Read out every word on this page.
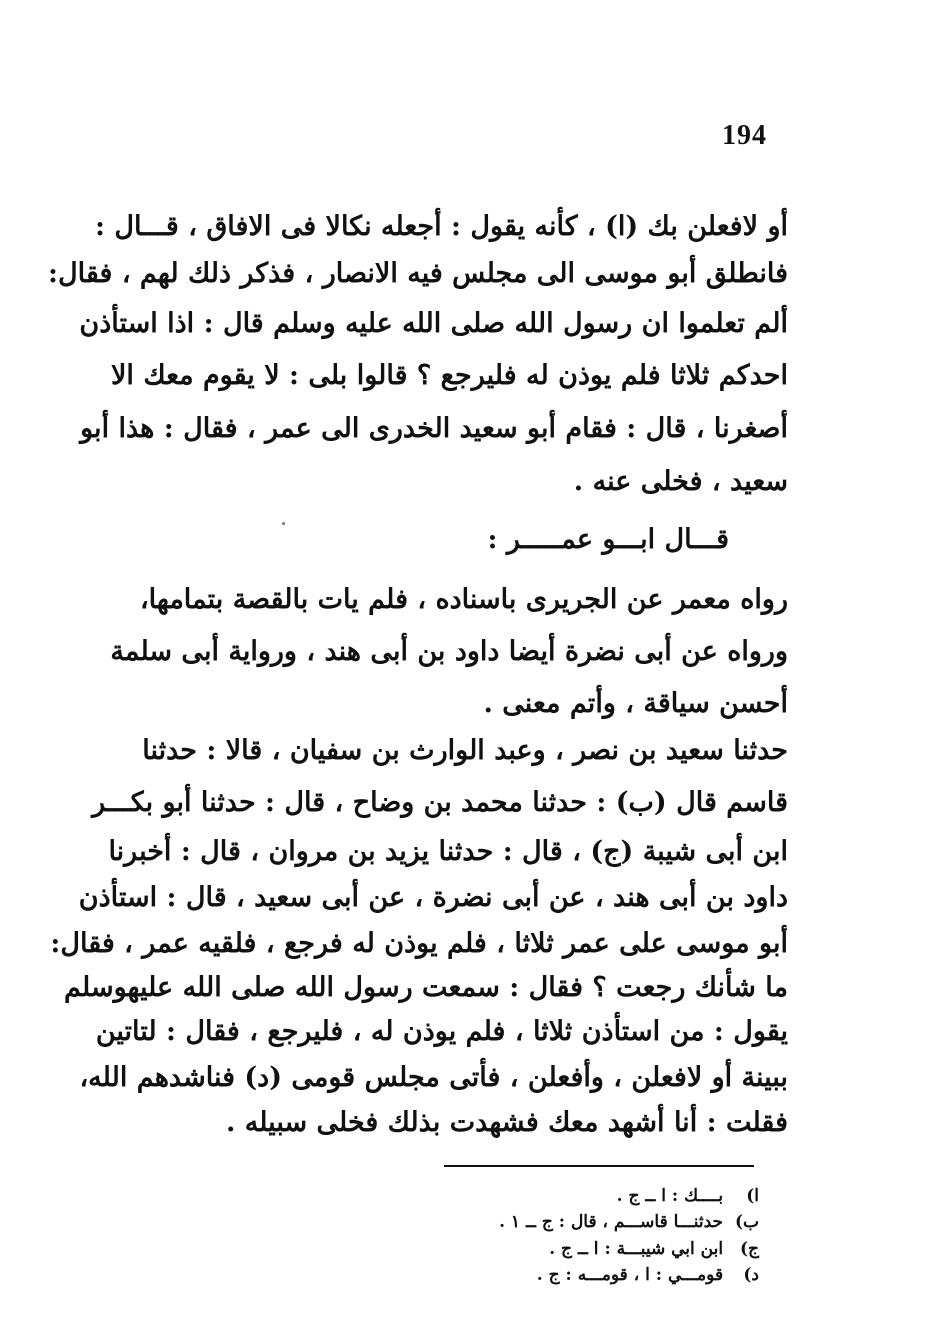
194
أو لافعلن بك (ا) ، كأنه يقول : أجعله نكالا فى الافاق ، قـــال :
فانطلق أبو موسى الى مجلس فيه الانصار ، فذكر ذلك لهم ، فقال:
ألم تعلموا ان رسول الله صلى الله عليه وسلم قال : اذا استأذن
احدكم ثلاثا فلم يوذن له فليرجع ؟ قالوا بلى : لا يقوم معك الا
أصغرنا ، قال : فقام أبو سعيد الخدرى الى عمر ، فقال : هذا أبو
سعيد ، فخلى عنه .
قـــال ابـــو عمـــــر :
رواه معمر عن الجريرى باسناده ، فلم يات بالقصة بتمامها،
ورواه عن أبى نضرة أيضا داود بن أبى هند ، ورواية أبى سلمة
أحسن سياقة ، وأتم معنى .
حدثنا سعيد بن نصر ، وعبد الوارث بن سفيان ، قالا : حدثنا
قاسم قال (ب) : حدثنا محمد بن وضاح ، قال : حدثنا أبو بكـــر
ابن أبى شيبة (ج) ، قال : حدثنا يزيد بن مروان ، قال : أخبرنا
داود بن أبى هند ، عن أبى نضرة ، عن أبى سعيد ، قال : استأذن
أبو موسى على عمر ثلاثا ، فلم يوذن له فرجع ، فلقيه عمر ، فقال:
ما شأنك رجعت ؟ فقال : سمعت رسول الله صلى الله عليهوسلم
يقول : من استأذن ثلاثا ، فلم يوذن له ، فليرجع ، فقال : لتاتين
ببينة أو لافعلن ، وأفعلن ، فأتى مجلس قومى (د) فناشدهم الله،
فقلت : أنا أشهد معك فشهدت بذلك فخلى سبيله .
ا) بــــك : ا ــ ج .
ب) حدثنـــا قاســـم ، قال : ج ــ ١ .
ج) ابن ابي شيبـــة : ا ــ ج .
د) قومـــي : ا ، قومـــه : ج .
